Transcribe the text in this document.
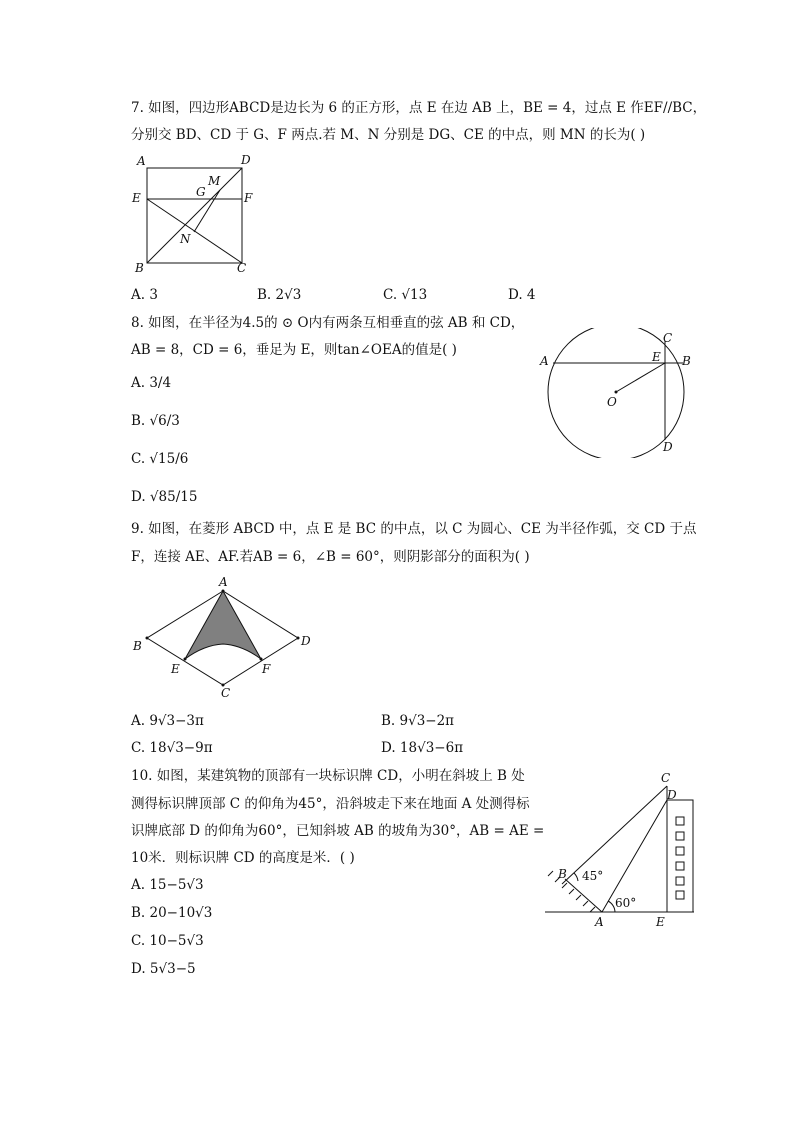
7. 如图，四边形ABCD是边长为 6 的正方形，点 E 在边 AB 上，BE = 4，过点 E 作EF//BC，
分别交 BD、CD 于 G、F 两点.若 M、N 分别是 DG、CE 的中点，则 MN 的长为( )
A	D
E	F
G
M
N
B	C
A. 3	B. 2√3	C. √13	D. 4
8. 如图，在半径为4.5的 ⊙ O内有两条互相垂直的弦 AB 和 CD，
AB = 8，CD = 6，垂足为 E，则tan∠OEA的值是( )
A	B
C
D
E
O
A. 3/4
B. √6/3
C. √15/6
D. √85/15
9. 如图，在菱形 ABCD 中，点 E 是 BC 的中点，以 C 为圆心、CE 为半径作弧，交 CD 于点
F，连接 AE、AF.若AB = 6，∠B = 60°，则阴影部分的面积为( )
A
B	D
C
E	F
A. 9√3−3π	B. 9√3−2π
C. 18√3−9π	D. 18√3−6π
10. 如图，某建筑物的顶部有一块标识牌 CD，小明在斜坡上 B 处
测得标识牌顶部 C 的仰角为45°，沿斜坡走下来在地面 A 处测得标
识牌底部 D 的仰角为60°，已知斜坡 AB 的坡角为30°，AB = AE =
10米．则标识牌 CD 的高度是米．( )
C
D
B
A	E
45°
60°
A. 15−5√3
B. 20−10√3
C. 10−5√3
D. 5√3−5
